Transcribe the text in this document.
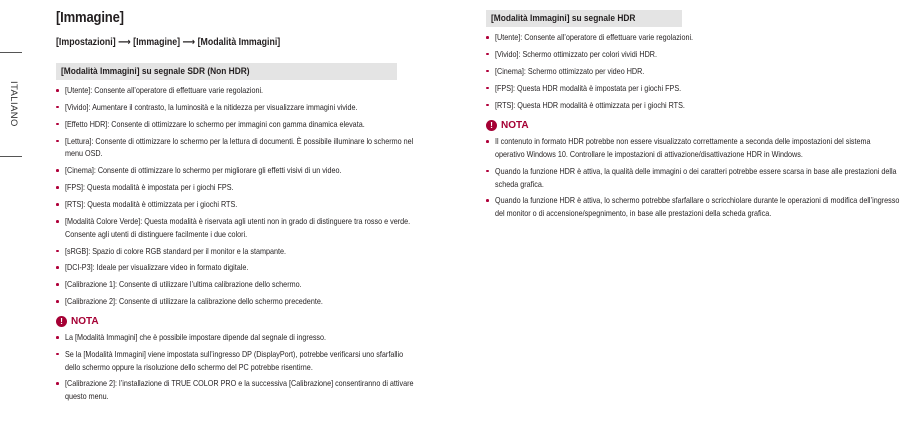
ITALIANO
[Immagine]
[Impostazioni] ⟶ [Immagine] ⟶ [Modalità Immagini]
[Modalità Immagini] su segnale SDR (Non HDR)
[Utente]: Consente all’operatore di effettuare varie regolazioni.
[Vivido]: Aumentare il contrasto, la luminosità e la nitidezza per visualizzare immagini vivide.
[Effetto HDR]: Consente di ottimizzare lo schermo per immagini con gamma dinamica elevata.
[Lettura]: Consente di ottimizzare lo schermo per la lettura di documenti. È possibile illuminare lo schermo nel menu OSD.
[Cinema]: Consente di ottimizzare lo schermo per migliorare gli effetti visivi di un video.
[FPS]: Questa modalità è impostata per i giochi FPS.
[RTS]: Questa modalità è ottimizzata per i giochi RTS.
[Modalità Colore Verde]: Questa modalità è riservata agli utenti non in grado di distinguere tra rosso e verde. Consente agli utenti di distinguere facilmente i due colori.
[sRGB]: Spazio di colore RGB standard per il monitor e la stampante.
[DCI-P3]: Ideale per visualizzare video in formato digitale.
[Calibrazione 1]: Consente di utilizzare l’ultima calibrazione dello schermo.
[Calibrazione 2]: Consente di utilizzare la calibrazione dello schermo precedente.
! NOTA
La [Modalità Immagini] che è possibile impostare dipende dal segnale di ingresso.
Se la [Modalità Immagini] viene impostata sull’ingresso DP (DisplayPort), potrebbe verificarsi uno sfarfallio dello schermo oppure la risoluzione dello schermo del PC potrebbe risentirne.
[Calibrazione 2]: l’installazione di TRUE COLOR PRO e la successiva [Calibrazione] consentiranno di attivare questo menu.
[Modalità Immagini] su segnale HDR
[Utente]: Consente all’operatore di effettuare varie regolazioni.
[Vivido]: Schermo ottimizzato per colori vividi HDR.
[Cinema]: Schermo ottimizzato per video HDR.
[FPS]: Questa HDR modalità è impostata per i giochi FPS.
[RTS]: Questa HDR modalità è ottimizzata per i giochi RTS.
! NOTA
Il contenuto in formato HDR potrebbe non essere visualizzato correttamente a seconda delle impostazioni del sistema operativo Windows 10. Controllare le impostazioni di attivazione/disattivazione HDR in Windows.
Quando la funzione HDR è attiva, la qualità delle immagini o dei caratteri potrebbe essere scarsa in base alle prestazioni della scheda grafica.
Quando la funzione HDR è attiva, lo schermo potrebbe sfarfallare o scricchiolare durante le operazioni di modifica dell’ingresso del monitor o di accensione/spegnimento, in base alle prestazioni della scheda grafica.
